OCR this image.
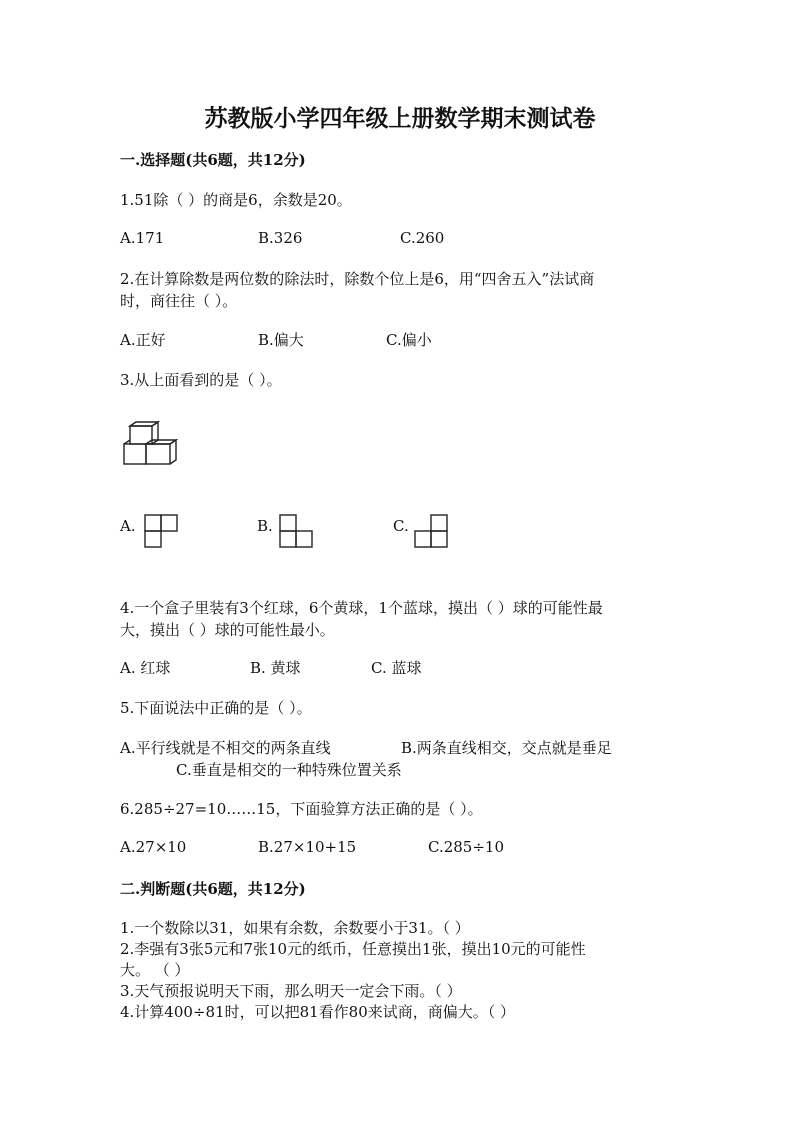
苏教版小学四年级上册数学期末测试卷
一.选择题(共6题，共12分)
1.51除（ ）的商是6，余数是20。
A.171	B.326	C.260
2.在计算除数是两位数的除法时，除数个位上是6，用“四舍五入”法试商
时，商往往（ ）。
A.正好	B.偏大	C.偏小
3.从上面看到的是（ ）。
A.	B.	C.
4.一个盒子里装有3个红球，6个黄球，1个蓝球，摸出（ ）球的可能性最
大，摸出（ ）球的可能性最小。
A. 红球	B. 黄球	C. 蓝球
5.下面说法中正确的是（ ）。
A.平行线就是不相交的两条直线	B.两条直线相交，交点就是垂足
C.垂直是相交的一种特殊位置关系
6.285÷27=10……15，下面验算方法正确的是（ ）。
A.27×10	B.27×10+15	C.285÷10
二.判断题(共6题，共12分)
1.一个数除以31，如果有余数，余数要小于31。（ ）
2.李强有3张5元和7张10元的纸币，任意摸出1张，摸出10元的可能性
大。 （ ）
3.天气预报说明天下雨，那么明天一定会下雨。（ ）
4.计算400÷81时，可以把81看作80来试商，商偏大。（ ）
